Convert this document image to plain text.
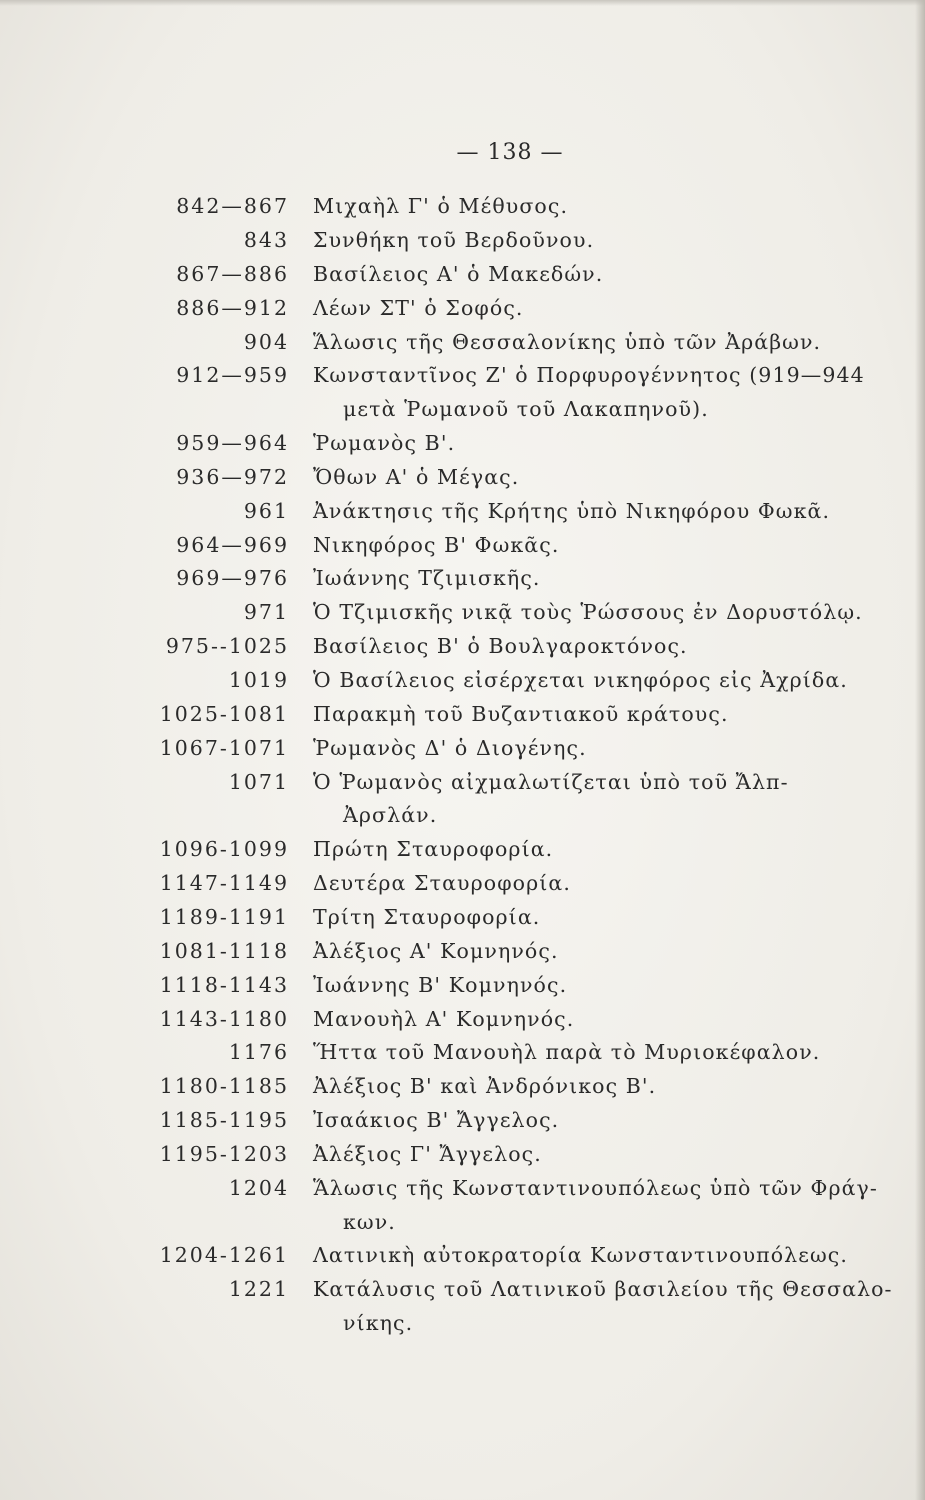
— 138 —
842—867	Μιχαὴλ Γ' ὁ Μέθυσος.
843	Συνθήκη τοῦ Βερδοῦνου.
867—886	Βασίλειος Α' ὁ Μακεδών.
886—912	Λέων ΣΤ' ὁ Σοφός.
904	Ἅλωσις τῆς Θεσσαλονίκης ὑπὸ τῶν Ἀράβων.
912—959	Κωνσταντῖνος Ζ' ὁ Πορφυρογέννητος (919—944
μετὰ Ῥωμανοῦ τοῦ Λακαπηνοῦ).
959—964	Ῥωμανὸς Β'.
936—972	Ὄθων Α' ὁ Μέγας.
961	Ἀνάκτησις τῆς Κρήτης ὑπὸ Νικηφόρου Φωκᾶ.
964—969	Νικηφόρος Β' Φωκᾶς.
969—976	Ἰωάννης Τζιμισκῆς.
971	Ὁ Τζιμισκῆς νικᾷ τοὺς Ῥώσσους ἐν Δορυστόλῳ.
975--1025	Βασίλειος Β' ὁ Βουλγαροκτόνος.
1019	Ὁ Βασίλειος εἰσέρχεται νικηφόρος εἰς Ἀχρίδα.
1025-1081	Παρακμὴ τοῦ Βυζαντιακοῦ κράτους.
1067-1071	Ῥωμανὸς Δ' ὁ Διογένης.
1071	Ὁ Ῥωμανὸς αἰχμαλωτίζεται ὑπὸ τοῦ Ἄλπ-
Ἀρσλάν.
1096-1099	Πρώτη Σταυροφορία.
1147-1149	Δευτέρα Σταυροφορία.
1189-1191	Τρίτη Σταυροφορία.
1081-1118	Ἀλέξιος Α' Κομνηνός.
1118-1143	Ἰωάννης Β' Κομνηνός.
1143-1180	Μανουὴλ Α' Κομνηνός.
1176	Ἥττα τοῦ Μανουὴλ παρὰ τὸ Μυριοκέφαλον.
1180-1185	Ἀλέξιος Β' καὶ Ἀνδρόνικος Β'.
1185-1195	Ἰσαάκιος Β' Ἄγγελος.
1195-1203	Ἀλέξιος Γ' Ἄγγελος.
1204	Ἅλωσις τῆς Κωνσταντινουπόλεως ὑπὸ τῶν Φράγ-
κων.
1204-1261	Λατινικὴ αὐτοκρατορία Κωνσταντινουπόλεως.
1221	Κατάλυσις τοῦ Λατινικοῦ βασιλείου τῆς Θεσσαλο-
νίκης.
